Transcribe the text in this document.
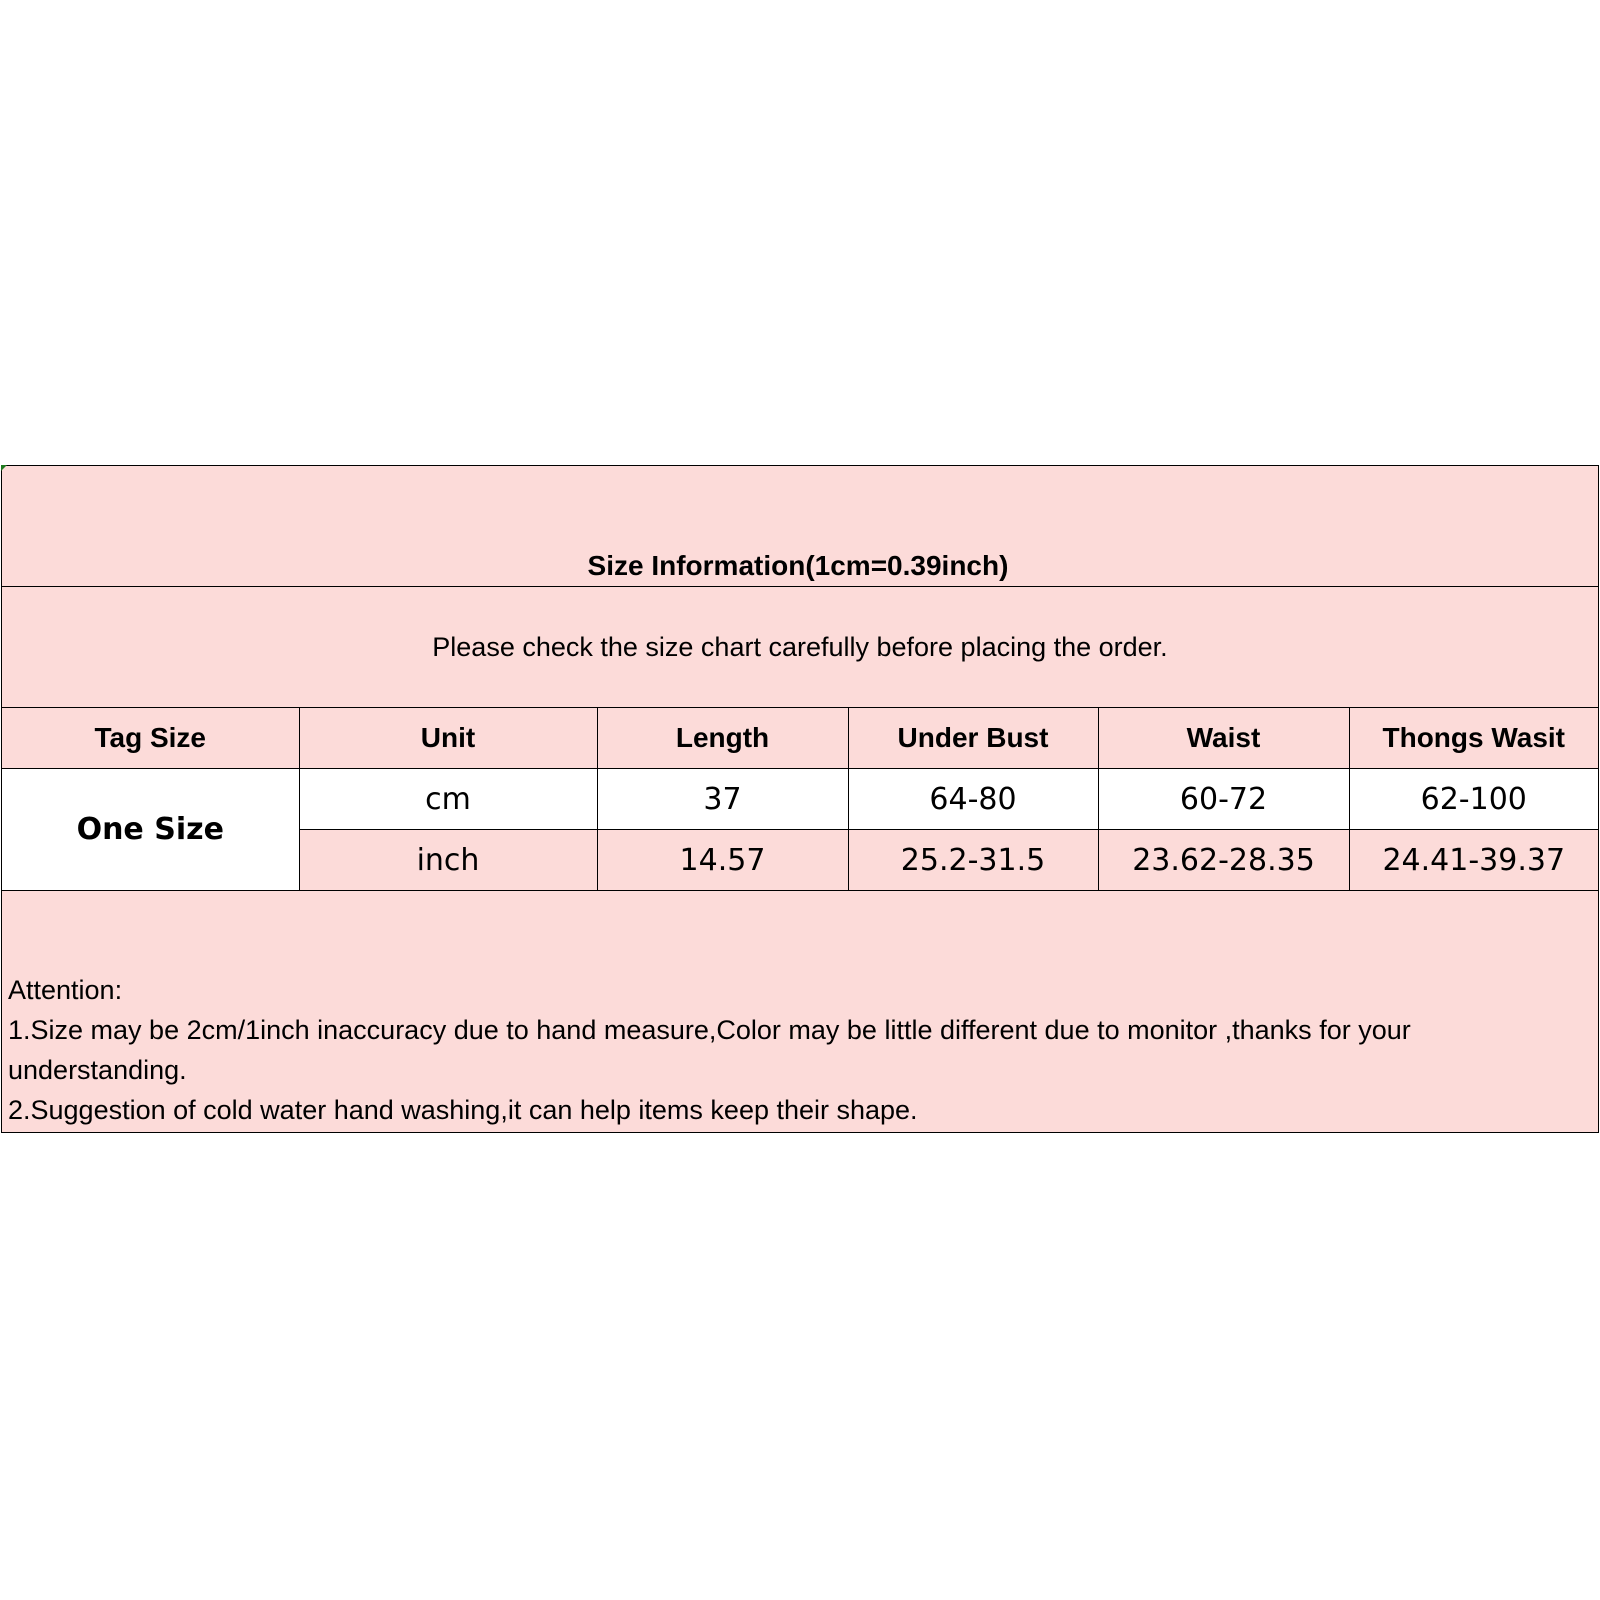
Size Information(1cm=0.39inch)
Please check the size chart carefully before placing the order.
Tag Size	Unit	Length	Under Bust	Waist	Thongs Wasit
One Size	cm	37	64-80	60-72	62-100
	inch	14.57	25.2-31.5	23.62-28.35	24.41-39.37
Attention:
1.Size may be 2cm/1inch inaccuracy due to hand measure,Color may be little different due to monitor ,thanks for your understanding.
2.Suggestion of cold water hand washing,it can help items keep their shape.
